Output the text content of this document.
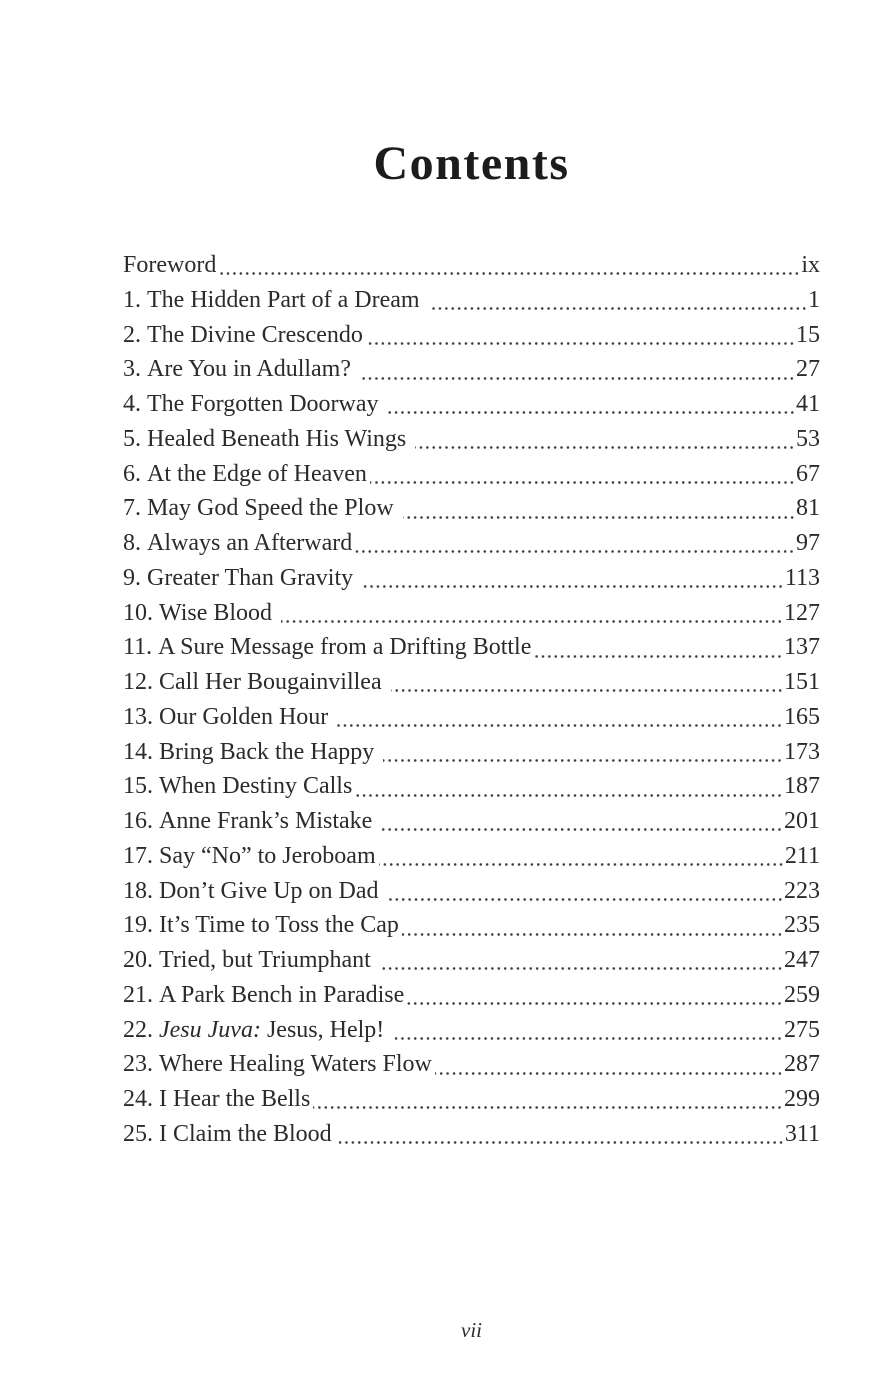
Contents
Foreword	ix
1. The Hidden Part of a Dream	1
2. The Divine Crescendo	15
3. Are You in Adullam?	27
4. The Forgotten Doorway	41
5. Healed Beneath His Wings	53
6. At the Edge of Heaven	67
7. May God Speed the Plow	81
8. Always an Afterward	97
9. Greater Than Gravity	113
10. Wise Blood	127
11. A Sure Message from a Drifting Bottle	137
12. Call Her Bougainvillea	151
13. Our Golden Hour	165
14. Bring Back the Happy	173
15. When Destiny Calls	187
16. Anne Frank’s Mistake	201
17. Say “No” to Jeroboam	211
18. Don’t Give Up on Dad	223
19. It’s Time to Toss the Cap	235
20. Tried, but Triumphant	247
21. A Park Bench in Paradise	259
22. Jesu Juva: Jesus, Help!	275
23. Where Healing Waters Flow	287
24. I Hear the Bells	299
25. I Claim the Blood	311
vii
